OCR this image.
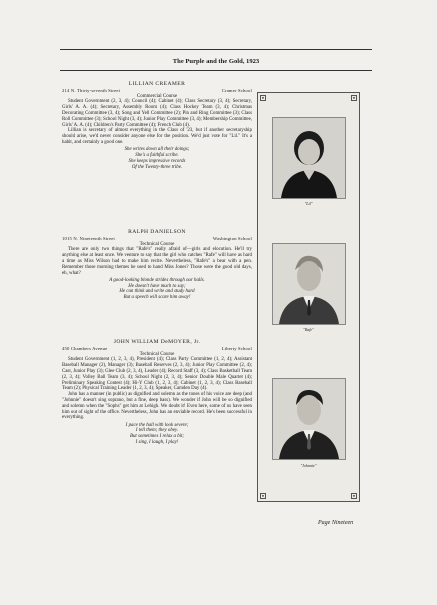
The Purple and the Gold, 1923
LILLIAN CREAMER
214 N. Thirty-seventh Street	Cramer School
Commercial Course
Student Government (2, 3, 4); Council (4); Cabinet (4); Class Secretary (3, 4); Secretary, Girls' A. A. (4); Secretary, Assembly Room (4); Class Hockey Team (3, 4); Christmas Decorating Committee (3, 4); Song and Yell Committee (2); Pin and Ring Committee (3); Class Roll Committee (3); School Night (3, 4); Junior Play Committee (3, 4); Membership Committee, Girls' A. A. (4); Children's Party Committee (4); French Club (4).
Lillian is secretary of almost everything in the Class of '23, but if another secretaryship should arise, we'd never consider anyone else for the position. We'd just vote for "Lil." It's a habit, and certainly a good one.
She writes down all their doings;
She's a faithful scribe.
She keeps impressive records
Of the Twenty-three tribe.
RALPH DANIELSON
1015 N. Nineteenth Street	Washington School
Technical Course
There are only two things that "Rafe's" really afraid of—girls and elocution. He'll try anything else at least once. We venture to say that the girl who catches "Rafe" will have as hard a time as Miss Wilson had to make him recite. Nevertheless, "Rafe's" a bear with a pen. Remember those morning themes he used to hand Miss Jones? Those were the good old days, eh, what?
A good-looking blonde strides through our halls.
He doesn't have much to say;
He can think and write and study hard
But a speech will scare him away!
JOHN WILLIAM DeMOYER, Jr.
450 Chambers Avenue	Liberty School
Technical Course
Student Government (1, 2, 3, 4), President (4); Class Party Committee (1, 2, 4); Assistant Baseball Manager (2), Manager (3); Baseball Reserves (2, 3, 4); Junior Play Committee (2, 4); Cast, Junior Play (3); Glee Club (2, 3, 4), Leader (4); Record Staff (3, 4); Class Basketball Team (2, 3, 4); Volley Ball Team (3, 4); School Night (2, 3, 4); Senior Double Male Quartet (4); Preliminary Speaking Contest (4); Hi-Y Club (1, 2, 3, 4); Cabinet (1, 2, 3, 4); Class Baseball Team (2); Physical Training Leader (1, 2, 3, 4); Speaker, Camden Day (4).
John has a manner (in public) as dignified and solemn as the tones of his voice are deep (and "Johnnie" doesn't sing soprano, but a fine, deep bass). We wonder if John will be so dignified and solemn when the "Sophs" get him at Lehigh. We doubt it! Even here, some of us have seen him out of sight of the office. Nevertheless, John has an enviable record. He's been successful in everything.
I pace the hall with look severe;
I tell them; they obey.
But sometimes I relax a bit;
I sing, I laugh, I play!
❖	❖
❖	❖
"Lil"
"Rafe"
"Johnnie"
Page Nineteen
